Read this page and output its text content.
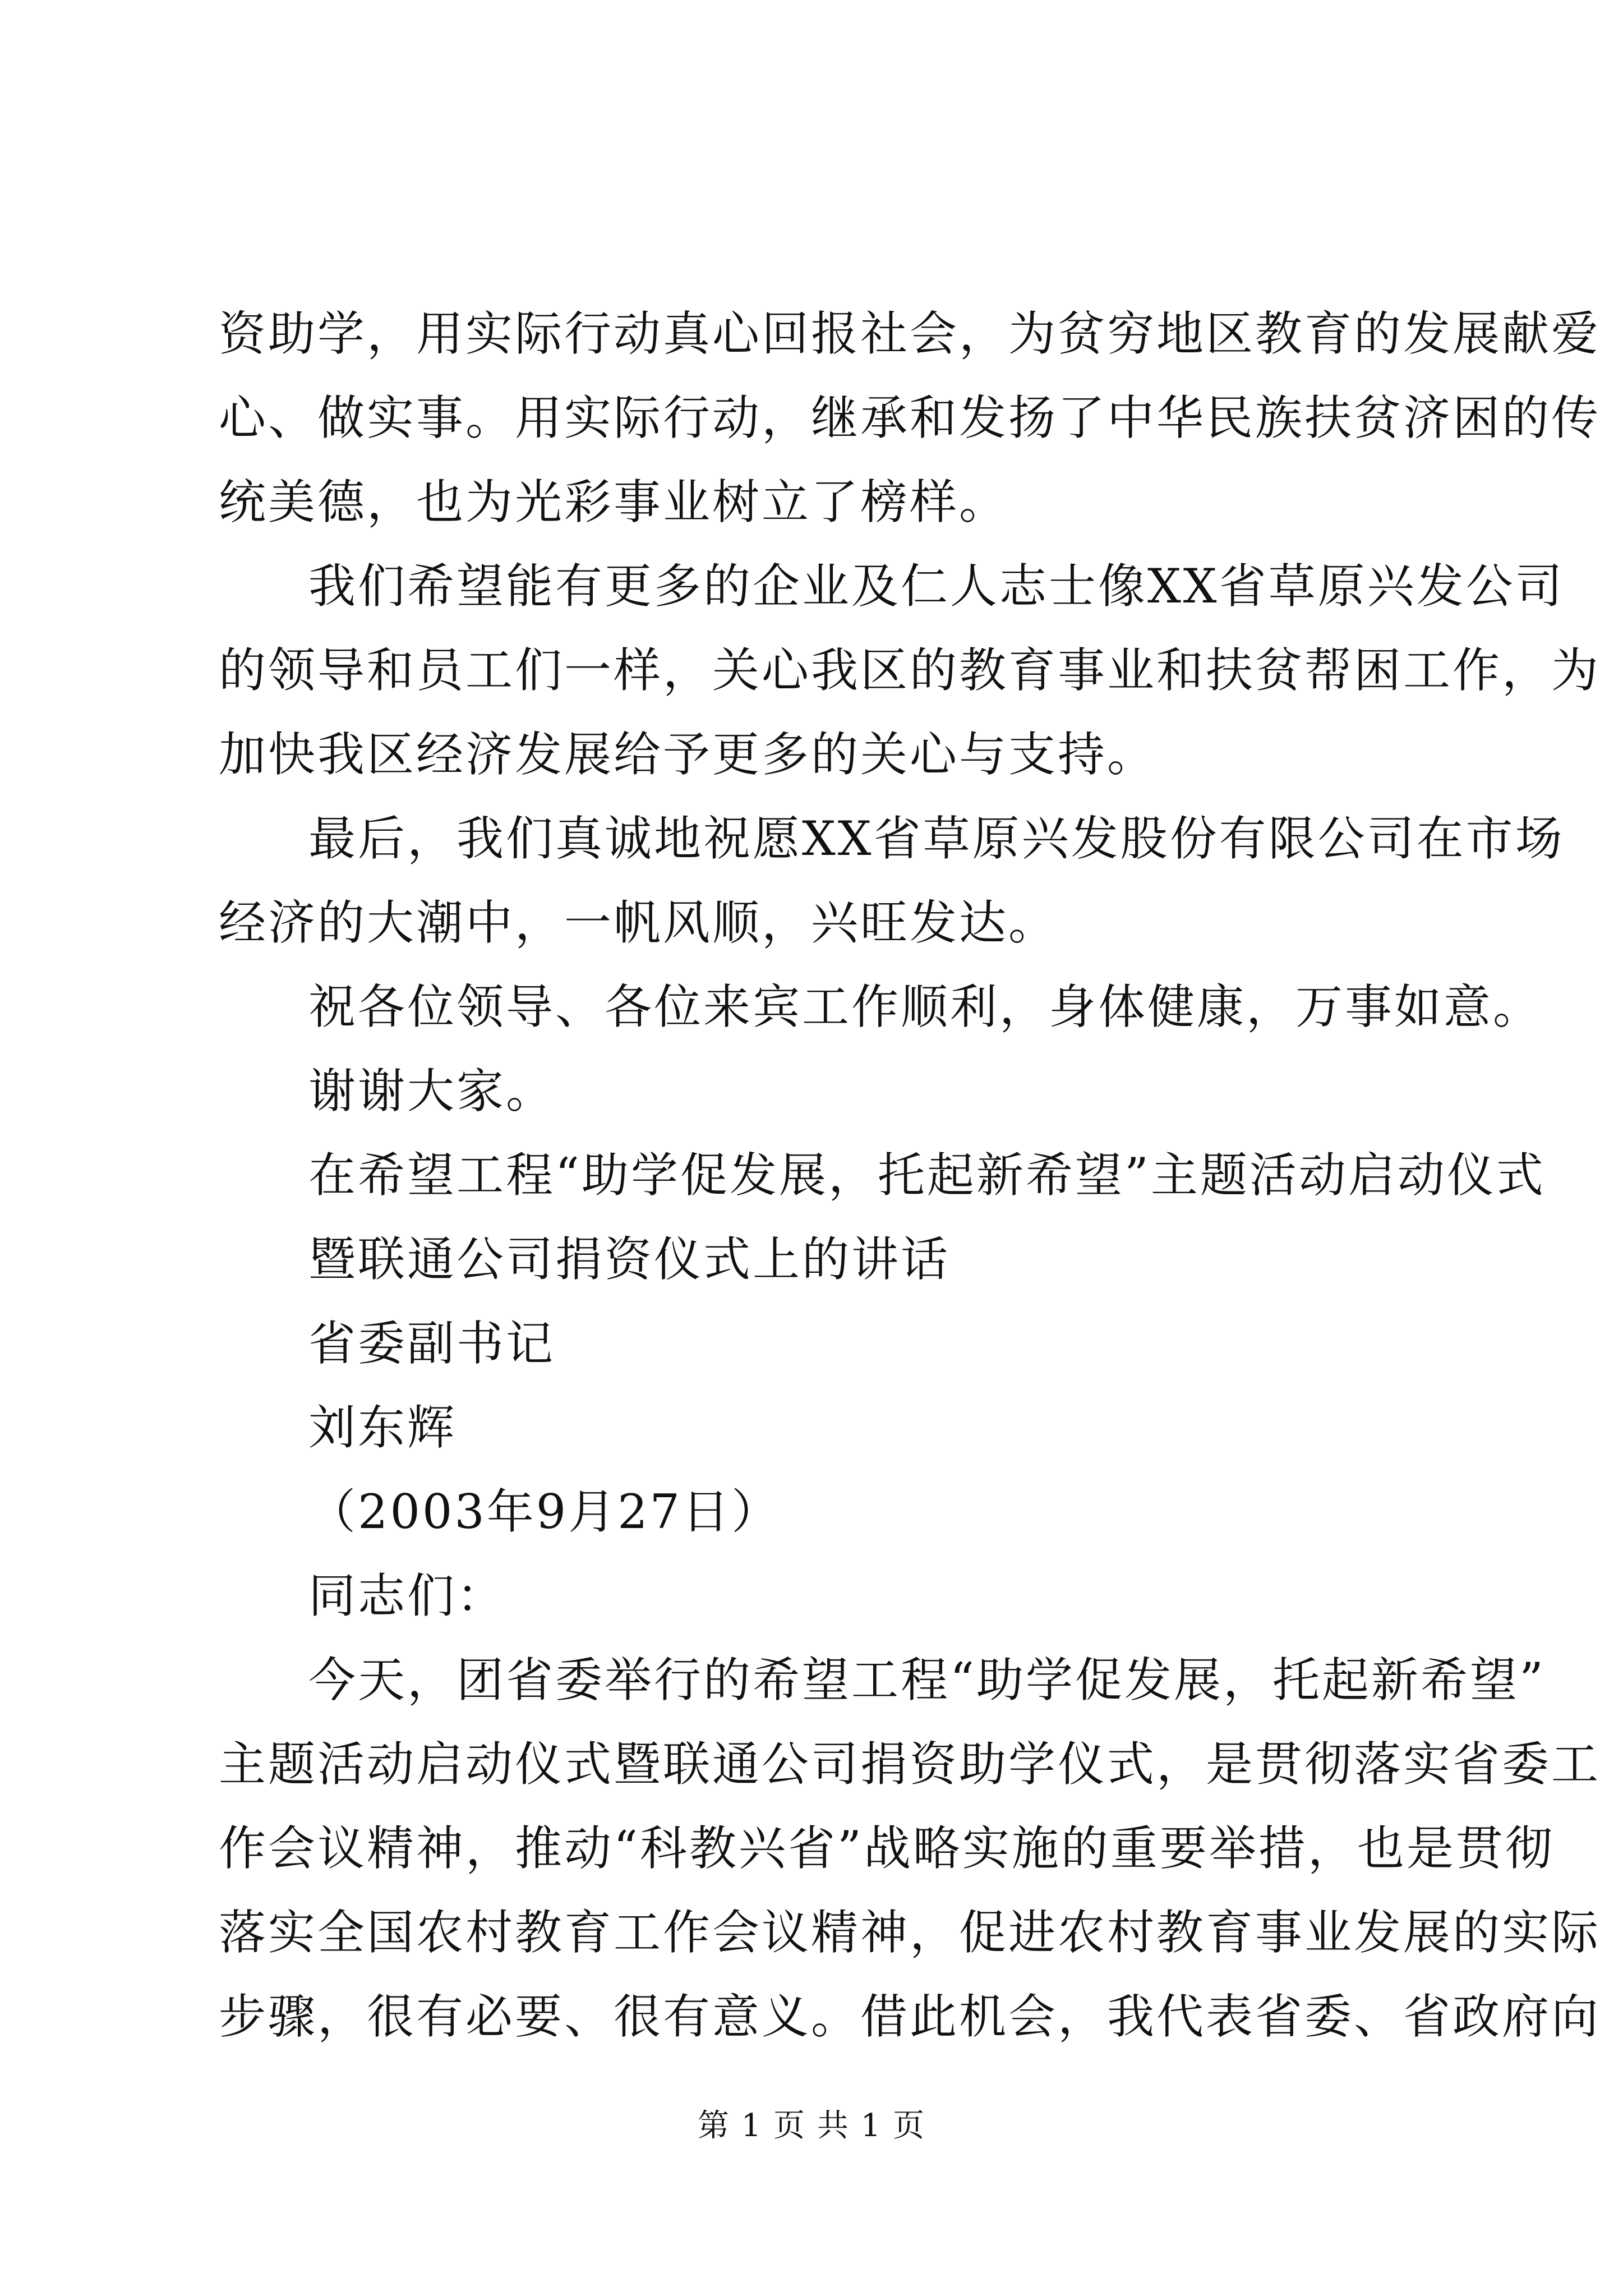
资助学，用实际行动真心回报社会，为贫穷地区教育的发展献爱

心、做实事。用实际行动，继承和发扬了中华民族扶贫济困的传

统美德，也为光彩事业树立了榜样。

我们希望能有更多的企业及仁人志士像XX省草原兴发公司

的领导和员工们一样，关心我区的教育事业和扶贫帮困工作，为

加快我区经济发展给予更多的关心与支持。

最后，我们真诚地祝愿XX省草原兴发股份有限公司在市场

经济的大潮中，一帆风顺，兴旺发达。

祝各位领导、各位来宾工作顺利，身体健康，万事如意。

谢谢大家。

在希望工程“助学促发展，托起新希望”主题活动启动仪式

暨联通公司捐资仪式上的讲话

省委副书记

刘东辉

（2003年9月27日）

同志们：

今天，团省委举行的希望工程“助学促发展，托起新希望”

主题活动启动仪式暨联通公司捐资助学仪式，是贯彻落实省委工

作会议精神，推动“科教兴省”战略实施的重要举措，也是贯彻

落实全国农村教育工作会议精神，促进农村教育事业发展的实际

步骤，很有必要、很有意义。借此机会，我代表省委、省政府向

第 1 页 共 1 页
